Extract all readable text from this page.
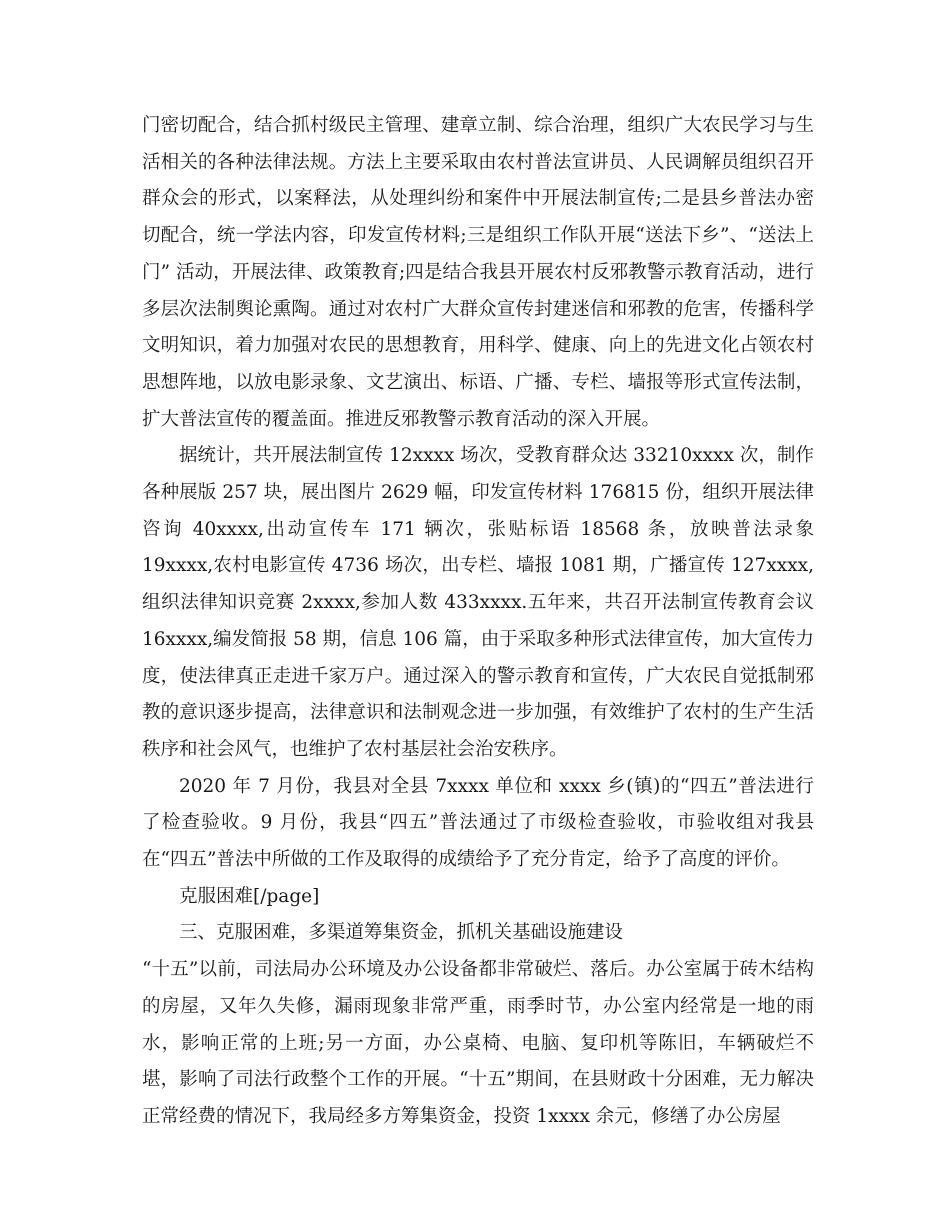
门密切配合，结合抓村级民主管理、建章立制、综合治理，组织广大农民学习与生活相关的各种法律法规。方法上主要采取由农村普法宣讲员、人民调解员组织召开群众会的形式，以案释法，从处理纠纷和案件中开展法制宣传;二是县乡普法办密切配合，统一学法内容，印发宣传材料;三是组织工作队开展“送法下乡”、“送法上门” 活动，开展法律、政策教育;四是结合我县开展农村反邪教警示教育活动，进行多层次法制舆论熏陶。通过对农村广大群众宣传封建迷信和邪教的危害，传播科学文明知识，着力加强对农民的思想教育，用科学、健康、向上的先进文化占领农村思想阵地，以放电影录象、文艺演出、标语、广播、专栏、墙报等形式宣传法制，扩大普法宣传的覆盖面。推进反邪教警示教育活动的深入开展。

据统计，共开展法制宣传 12xxxx 场次，受教育群众达 33210xxxx 次，制作各种展版 257 块，展出图片 2629 幅，印发宣传材料 176815 份，组织开展法律咨询 40xxxx,出动宣传车 171 辆次，张贴标语 18568 条，放映普法录象 19xxxx,农村电影宣传 4736 场次，出专栏、墙报 1081 期，广播宣传 127xxxx,组织法律知识竞赛 2xxxx,参加人数 433xxxx.五年来，共召开法制宣传教育会议 16xxxx,编发简报 58 期，信息 106 篇，由于采取多种形式法律宣传，加大宣传力度，使法律真正走进千家万户。通过深入的警示教育和宣传，广大农民自觉抵制邪教的意识逐步提高，法律意识和法制观念进一步加强，有效维护了农村的生产生活秩序和社会风气，也维护了农村基层社会治安秩序。

2020 年 7 月份，我县对全县 7xxxx 单位和 xxxx 乡(镇)的“四五”普法进行了检查验收。9 月份，我县“四五”普法通过了市级检查验收，市验收组对我县在“四五”普法中所做的工作及取得的成绩给予了充分肯定，给予了高度的评价。

克服困难[/page]

三、克服困难，多渠道筹集资金，抓机关基础设施建设

“十五”以前，司法局办公环境及办公设备都非常破烂、落后。办公室属于砖木结构的房屋，又年久失修，漏雨现象非常严重，雨季时节，办公室内经常是一地的雨水，影响正常的上班;另一方面，办公桌椅、电脑、复印机等陈旧，车辆破烂不堪，影响了司法行政整个工作的开展。“十五”期间，在县财政十分困难，无力解决正常经费的情况下，我局经多方筹集资金，投资 1xxxx 余元，修缮了办公房屋
